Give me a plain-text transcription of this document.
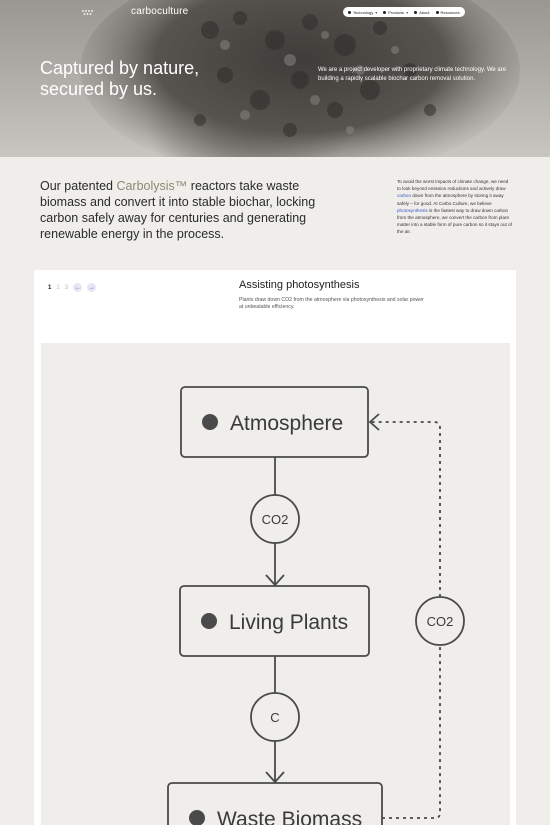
carboculture	Technology ▾	Products ▾	About	Resources
Captured by nature, secured by us.

We are a project developer with proprietary climate technology. We are building a rapidly scalable biochar carbon removal solution.

Our patented Carbolysis™ reactors take waste biomass and convert it into stable biochar, locking carbon safely away for centuries and generating renewable energy in the process.

To avoid the worst impacts of climate change, we need to look beyond emission reductions and actively draw carbon down from the atmosphere by storing it away safely – for good. At Carbo Culture, we believe photosynthesis is the fastest way to draw down carbon from the atmosphere, we convert the carbon from plant matter into a stable form of pure carbon so it stays out of the air.

1 2 3 ← →	Assisting photosynthesis
Plants draw down CO2 from the atmosphere via photosynthesis and solar power at unbeatable efficiency.
Atmosphere
Living Plants
Waste Biomass
CO2
C
CO2
